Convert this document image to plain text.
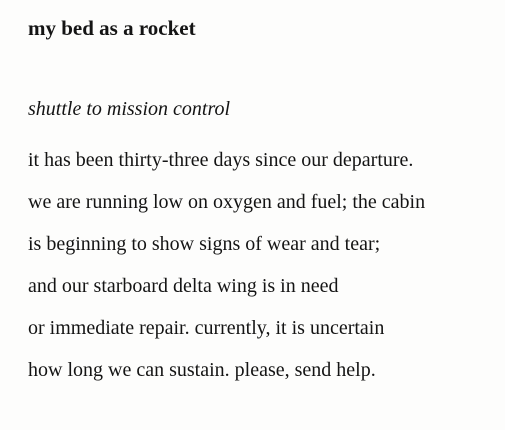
my bed as a rocket
shuttle to mission control
it has been thirty-three days since our departure.
we are running low on oxygen and fuel; the cabin
is beginning to show signs of wear and tear;
and our starboard delta wing is in need
or immediate repair. currently, it is uncertain
how long we can sustain. please, send help.
